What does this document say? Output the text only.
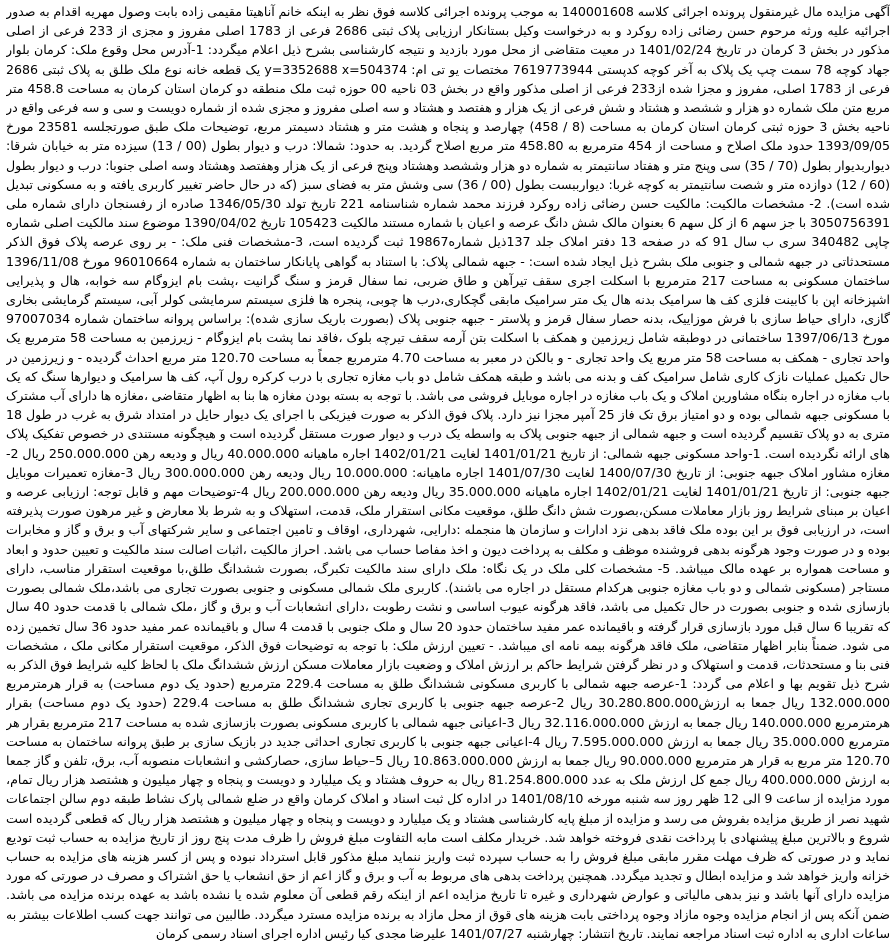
آگهی مزایده مال غیرمنقول پرونده اجرائی کلاسه 140001608 به موجب پرونده اجرائی کلاسه فوق نظر به اینکه خانم آناهیتا مقیمی زاده بابت وصول مهریه اقدام به صدور اجرائیه علیه ورثه مرحوم حسن رضائی زاده روکرد و به درخواست وکیل بستانکار ارزیابی پلاک ثبتی 2686 فرعی از 1783 اصلی مفروز و مجزی از 233 فرعی از اصلی مذکور در بخش 3 کرمان در تاریخ 1401/02/24 در معیت متقاضی از محل مورد بازدید و نتیجه کارشناسی بشرح ذیل اعلام میگردد: 1-آدرس محل وقوع ملک: کرمان بلوار جهاد کوچه 78 سمت چپ یک پلاک به آخر کوچه کدپستی 7619773944 مختصات یو تی ام: y=3352688 x=504374 یک قطعه خانه نوع ملک طلق به پلاک ثبتی 2686 فرعی از 1783 اصلی، مفروز و مجزا شده از233 فرعی از اصلی مذکور واقع در بخش 03 ناحیه 00 حوزه ثبت ملک منطقه دو کرمان استان کرمان به مساحت 458.8 متر مربع متن ملک شماره دو هزار و ششصد و هشتاد و شش فرعی از یک هزار و هفتصد و هشتاد و سه اصلی مفروز و مجزی شده از شماره دویست و سی و سه فرعی واقع در ناحیه بخش 3 حوزه ثبتی کرمان استان کرمان به مساحت (8 / 458) چهارصد و پنجاه و هشت متر و هشتاد دسیمتر مربع، توضیحات ملک طبق صورتجلسه 23581 مورخ 1393/09/05 حدود ملک اصلاح و مساحت از 454 مترمربع به 458.80 متر مربع اصلاح گردید. به حدود: شمالا: درب و دیوار بطول (00 / 13) سیزده متر به خیابان شرقا: دیواربدیوار بطول (70 / 35) سی وپنج متر و هفتاد سانتیمتر به شماره دو هزار وششصد وهشتاد وپنج فرعی از یک هزار وهفتصد وهشتاد وسه اصلی جنوبا: درب و دیوار بطول (60 / 12) دوازده متر و شصت سانتیمتر به کوچه غربا: دیوارببست بطول (00 / 36) سی وشش متر به فضای سبز (که در حال حاضر تغییر کاربری یافته و به مسکونی تبدیل شده است). 2- مشخصات مالکیت: مالکیت حسن رضائی زاده روکرد فرزند محمد شماره شناسنامه 221 تاریخ تولد 1346/05/30 صادره از رفسنجان دارای شماره ملی 3050756391 با جز سهم 6 از کل سهم 6 بعنوان مالک شش دانگ عرصه و اعیان با شماره مستند مالکیت 105423 تاریخ 1390/04/02 موضوع سند مالکیت اصلی شماره چاپی 340482 سری ب سال 91 که در صفحه 13 دفتر املاک جلد 137ذیل شماره19867 ثبت گردیده است، 3-مشخصات فنی ملک: - بر روی عرصه پلاک فوق الذکر مستحدثاتی در جبهه شمالی و جنوبی ملک بشرح ذیل ایجاد شده است: - جبهه شمالی پلاک: با استناد به گواهی پایانکار ساختمان به شماره 96010664 مورخ 1396/11/08 ساختمان مسکونی به مساحت 217 مترمربع با اسکلت اجری سقف تیرآهن و طاق ضربی، نما سفال قرمز و سنگ گرانیت ،پشت بام ایزوگام سه خوابه، هال و پذیرایی اشپزخانه اپن با کابینت فلزی کف ها سرامیک بدنه هال یک متر سرامیک مابقی گچکاری،درب ها چوبی، پنجره ها فلزی سیستم سرمایشی کولر آبی، سیستم گرمایشی بخاری گازی، دارای حیاط سازی با فرش موزاییک، بدنه حصار سفال قرمز و پلاستر - جبهه جنوبی پلاک (بصورت باریک سازی شده): براساس پروانه ساختمان شماره 97007034 مورخ 1397/06/13 ساختمانی در دوطبقه شامل زیرزمین و همکف با اسکلت بتن آرمه سقف تیرچه بلوک ،فاقد نما پشت بام ایزوگام - زیرزمین به مساحت 58 مترمربع یک واحد تجاری - همکف به مساحت 58 متر مربع یک واحد تجاری - و بالکن در معبر به مساحت 4.70 مترمربع جمعاً به مساحت 120.70 متر مربع احداث گردیده - و زیرزمین در حال تکمیل عملیات نازک کاری شامل سرامیک کف و بدنه می باشد و طبقه همکف شامل دو باب مغازه تجاری با درب کرکره رول آپ، کف ها سرامیک و دیوارها سنگ که یک باب مغازه در اجاره بنگاه مشاورین املاک و یک باب مغازه در اجاره موبایل فروشی می باشد. با توجه به بسته بودن مغازه ها بنا به اظهار متقاضی ،مغازه ها دارای آب مشترک با مسکونی جبهه شمالی بوده و دو امتیاز برق تک فاز 25 آمپر مجزا نیز دارد. پلاک فوق الذکر به صورت فیزیکی با اجرای یک دیوار حایل در امتداد شرق به غرب در طول 18 متری به دو پلاک تقسیم گردیده است و جبهه شمالی از جبهه جنوبی پلاک به واسطه یک درب و دیوار صورت مستقل گردیده است و هیچگونه مستندی در خصوص تفکیک پلاک های ارائه نگردیده است. 1-واحد مسکونی جبهه شمالی: از تاریخ 1401/01/21 لغایت 1402/01/21 اجاره ماهیانه 40.000.000 ریال و ودیعه رهن 250.000.000 ریال 2- مغازه مشاور املاک جبهه جنوبی: از تاریخ 1400/07/30 لغایت 1401/07/30 اجاره ماهیانه: 10.000.000 ریال ودیعه رهن 300.000.000 ریال 3-مغازه تعمیرات موبایل جبهه جنوبی: از تاریخ 1401/01/21 لغایت 1402/01/21 اجاره ماهیانه 35.000.000 ریال ودیعه رهن 200.000.000 ریال 4-توضیحات مهم و قابل توجه: ارزیابی عرصه و اعیان بر مبنای شرایط روز بازار معاملات مسکن،بصورت شش دانگ طلق، موقعیت مکانی استقرار ملک، قدمت، استهلاک و به شرط بلا معارض و غیر مرهون صورت پذیرفته است، در ارزیابی فوق بر این بوده ملک فاقد بدهی نزد ادارات و سازمان ها منجمله :دارایی، شهرداری، اوقاف و تامین اجتماعی و سایر شرکتهای آب و برق و گاز و مخابرات بوده و در صورت وجود هرگونه بدهی فروشنده موظف و مکلف به پرداخت دیون و اخذ مفاصا حساب می باشد. احراز مالکیت ،اثبات اصالت سند مالکیت و تعیین حدود و ابعاد و مساحت همواره بر عهده مالک میباشد. 5- مشخصات کلی ملک در یک نگاه: ملک دارای سند مالکیت تکبرگ، بصورت ششدانگ طلق،با موقعیت استقرار مناسب، دارای مستاجر (مسکونی شمالی و دو باب مغازه جنوبی هرکدام مستقل در اجاره می باشند). کاربری ملک شمالی مسکونی و جنوبی بصورت تجاری می باشد،ملک شمالی بصورت بازسازی شده و جنوبی بصورت در حال تکمیل می باشد، فاقد هرگونه عیوب اساسی و نشت رطوبت ،دارای انشعابات آب و برق و گاز ،ملک شمالی با قدمت حدود 40 سال که تقریبا 6 سال قبل مورد بازسازی قرار گرفته و باقیمانده عمر مفید ساختمان حدود 20 سال و ملک جنوبی با قدمت 4 سال و باقیمانده عمر مفید حدود 36 سال تخمین زده می شود. ضمناً بنابر اظهار متقاضی، ملک فاقد هرگونه بیمه نامه ای میباشد. - تعیین ارزش ملک: با توجه به توضیحات فوق الذکر، موقعیت استقرار مکانی ملک ، مشخصات فنی بنا و مستحدثات، قدمت و استهلاک و در نظر گرفتن شرایط حاکم بر ارزش املاک و وضعیت بازار معاملات مسکن ارزش ششدانگ ملک با لحاظ کلیه شرایط فوق الذکر به شرح ذیل تقویم بها و اعلام می گردد: 1-عرصه جبهه شمالی با کاربری مسکونی ششدانگ طلق به مساحت 229.4 مترمربع (حدود یک دوم مساحت) به قرار هرمترمربع 132.000.000 ریال جمعا به ارزش30.280.800.000 ریال 2-عرصه جبهه جنوبی با کاربری تجاری ششدانگ طلق به مساحت 229.4 (حدود یک دوم مساحت) بقرار هرمترمربع 140.000.000 ریال جمعا به ارزش 32.116.000.000 ریال 3-اعیانی جبهه شمالی با کاربری مسکونی بصورت بازسازی شده به مساحت 217 مترمربع بقرار هر مترمربع 35.000.000 ریال جمعا به ارزش 7.595.000.000 ریال 4-اعیانی جبهه جنوبی با کاربری تجاری احداثی جدید در بازیک سازی بر طبق پروانه ساختمان به مساحت 120.70 متر مربع به قرار هر مترمربع 90.000.000 ریال جمعا به ارزش 10.863.000.000 ریال 5–حیاط سازی، حصارکشی و انشعابات منصوبه آب، برق، تلفن و گاز جمعا به ارزش 400.000.000 ریال جمع کل ارزش ملک به عدد 81.254.800.000 ریال به حروف هشتاد و یک میلیارد و دویست و پنجاه و چهار میلیون و هشتصد هزار ریال تمام، مورد مزایده از ساعت 9 الی 12 ظهر روز سه شنبه مورخه 1401/08/10 در اداره کل ثبت اسناد و املاک کرمان واقع در ضلع شمالی پارک نشاط طبقه دوم سالن اجتماعات شهید نصر از طریق مزایده بفروش می رسد و مزایده از مبلغ پایه کارشناسی هشتاد و یک میلیارد و دویست و پنجاه و چهار میلیون و هشتصد هزار ریال که قطعی گردیده است شروع و بالاترین مبلغ پیشنهادی با پرداخت نقدی فروخته خواهد شد. خریدار مکلف است مابه التفاوت مبلغ فروش را ظرف مدت پنج روز از تاریخ مزایده به حساب ثبت تودیع نماید و در صورتی که ظرف مهلت مقرر مابقی مبلغ فروش را به حساب سپرده ثبت واریز ننماید مبلغ مذکور قابل استرداد نبوده و پس از کسر هزینه های مزایده به حساب خزانه واریز خواهد شد و مزایده ابطال و تجدید میگردد. همچنین پرداخت بدهی های مربوط به آب و برق و گاز اعم از حق انشعاب یا حق اشتراک و مصرف در صورتی که مورد مزایده دارای آنها باشد و نیز بدهی مالیاتی و عوارض شهرداری و غیره تا تاریخ مزایده اعم از اینکه رقم قطعی آن معلوم شده یا نشده باشد به عهده برنده مزایده می باشد. ضمن آنکه پس از انجام مزایده وجوه مازاد وجوه پرداختی بابت هزینه های قوق از محل مازاد به برنده مزایده مسترد میگردد. طالبین می توانند جهت کسب اطلاعات بیشتر به ساعات اداری به اداره ثبت اسناد مراجعه نمایند. تاریخ انتشار: چهارشنبه 1401/07/27 علیرضا مجدی کیا رئیس اداره اجرای اسناد رسمی کرمان
